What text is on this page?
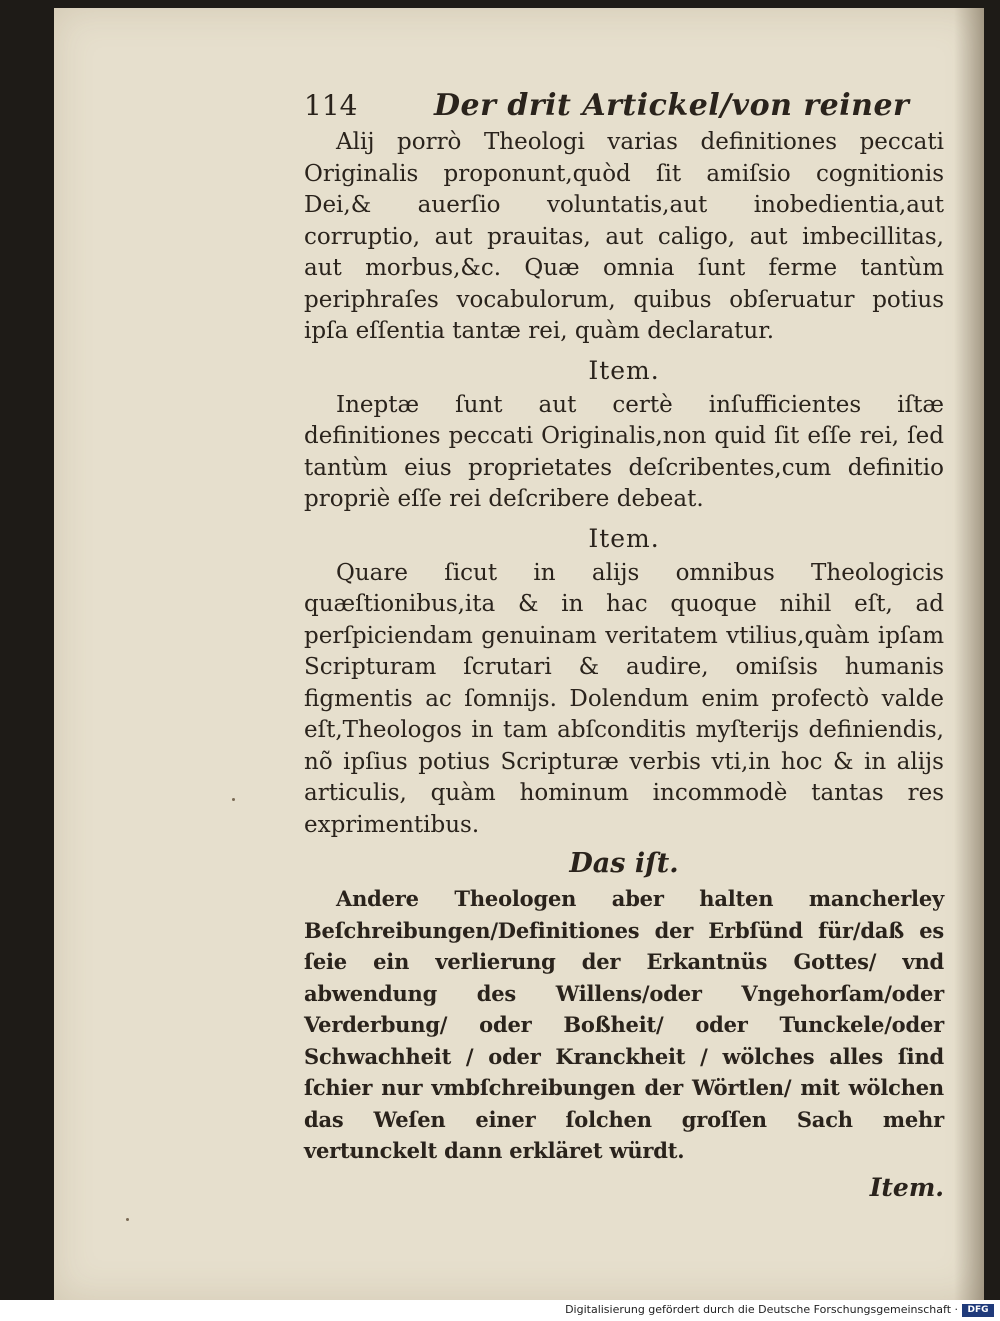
114	Der drit Artickel/von reiner

Alij porrò Theologi varias definitiones peccati Originalis proponunt,quòd ſit amiſsio cognitionis Dei,& auerſio voluntatis,aut inobedientia,aut corruptio, aut prauitas, aut caligo, aut imbecillitas, aut morbus,&c. Quæ omnia ſunt ferme tantùm periphraſes vocabulorum, quibus obſeruatur potius ipſa eſſentia tantæ rei, quàm declaratur.

Item.

Ineptæ ſunt aut certè inſufficientes iſtæ definitiones peccati Originalis,non quid ſit eſſe rei, ſed tantùm eius proprietates deſcribentes,cum definitio propriè eſſe rei deſcribere debeat.

Item.

Quare ſicut in alijs omnibus Theologicis quæſtionibus,ita & in hac quoque nihil eſt, ad perſpiciendam genuinam veritatem vtilius,quàm ipſam Scripturam ſcrutari & audire, omiſsis humanis figmentis ac ſomnijs. Dolendum enim profectò valde eſt,Theologos in tam abſconditis myſterijs definiendis, nõ ipſius potius Scripturæ verbis vti,in hoc & in alijs articulis, quàm hominum incommodè tantas res exprimentibus.

Das iſt.

Andere Theologen aber halten mancherley Beſchreibungen/Definitiones der Erbſünd für/daß es ſeie ein verlierung der Erkantnüs Gottes/ vnd abwendung des Willens/oder Vngehorſam/oder Verderbung/ oder Boßheit/ oder Tunckele/oder Schwachheit / oder Kranckheit / wölches alles ſind ſchier nur vmbſchreibungen der Wörtlen/ mit wölchen das Weſen einer ſolchen groſſen Sach mehr vertunckelt dann erkläret würdt.

Item.
Digitalisierung gefördert durch die Deutsche Forschungsgemeinschaft ·	DFG
